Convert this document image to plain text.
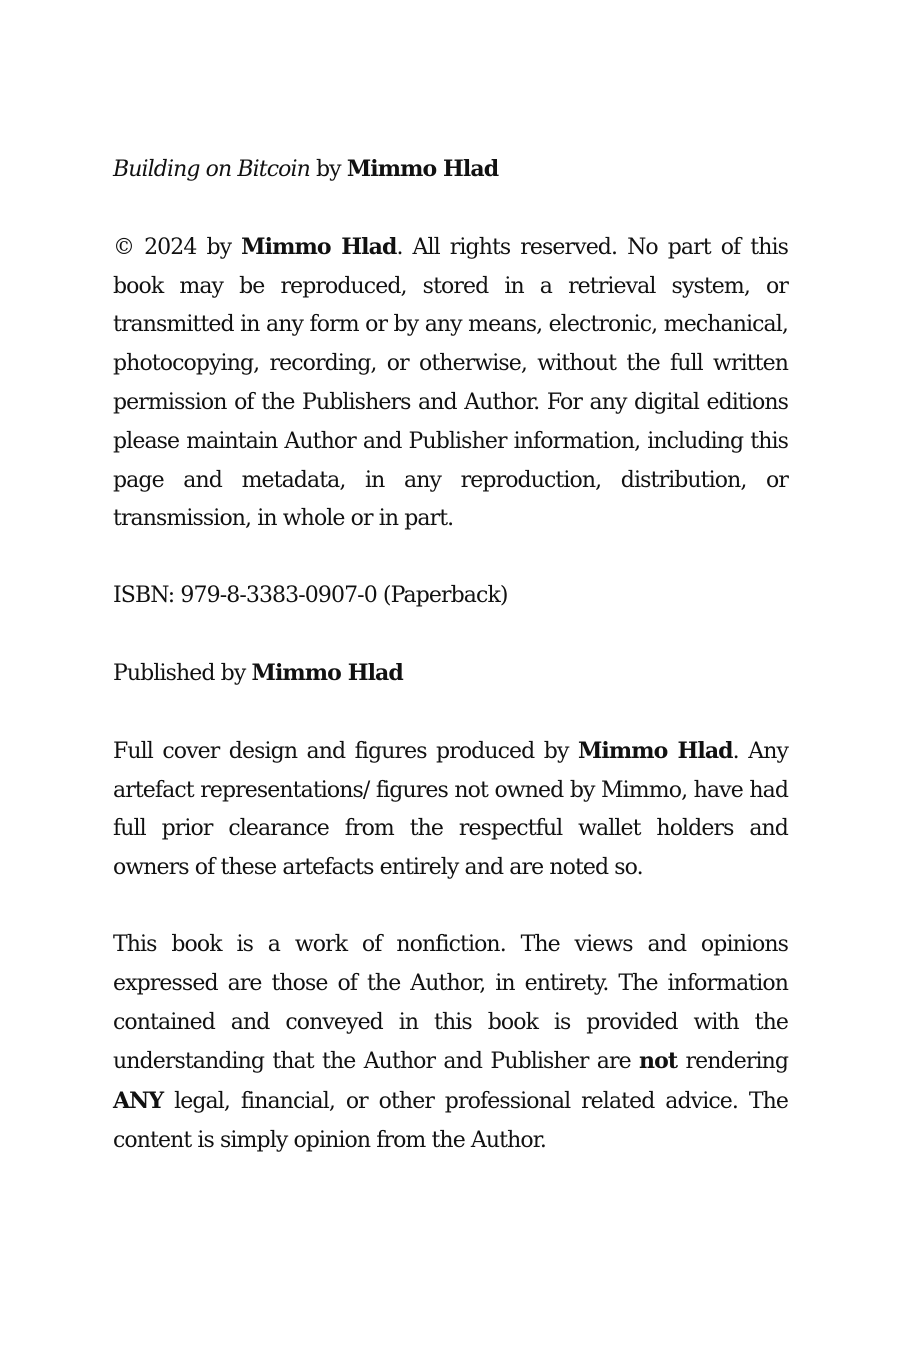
Building on Bitcoin by Mimmo Hlad

© 2024 by Mimmo Hlad. All rights reserved. No part of this book may be reproduced, stored in a retrieval system, or transmitted in any form or by any means, electronic, mechanical, photocopying, recording, or otherwise, without the full written permission of the Publishers and Author. For any digital editions please maintain Author and Publisher information, including this page and metadata, in any reproduction, distribution, or transmission, in whole or in part.

ISBN: 979-8-3383-0907-0 (Paperback)

Published by Mimmo Hlad

Full cover design and figures produced by Mimmo Hlad. Any artefact representations/ figures not owned by Mimmo, have had full prior clearance from the respectful wallet holders and owners of these artefacts entirely and are noted so.

This book is a work of nonfiction. The views and opinions expressed are those of the Author, in entirety. The information contained and conveyed in this book is provided with the understanding that the Author and Publisher are not rendering ANY legal, financial, or other professional related advice. The content is simply opinion from the Author.
